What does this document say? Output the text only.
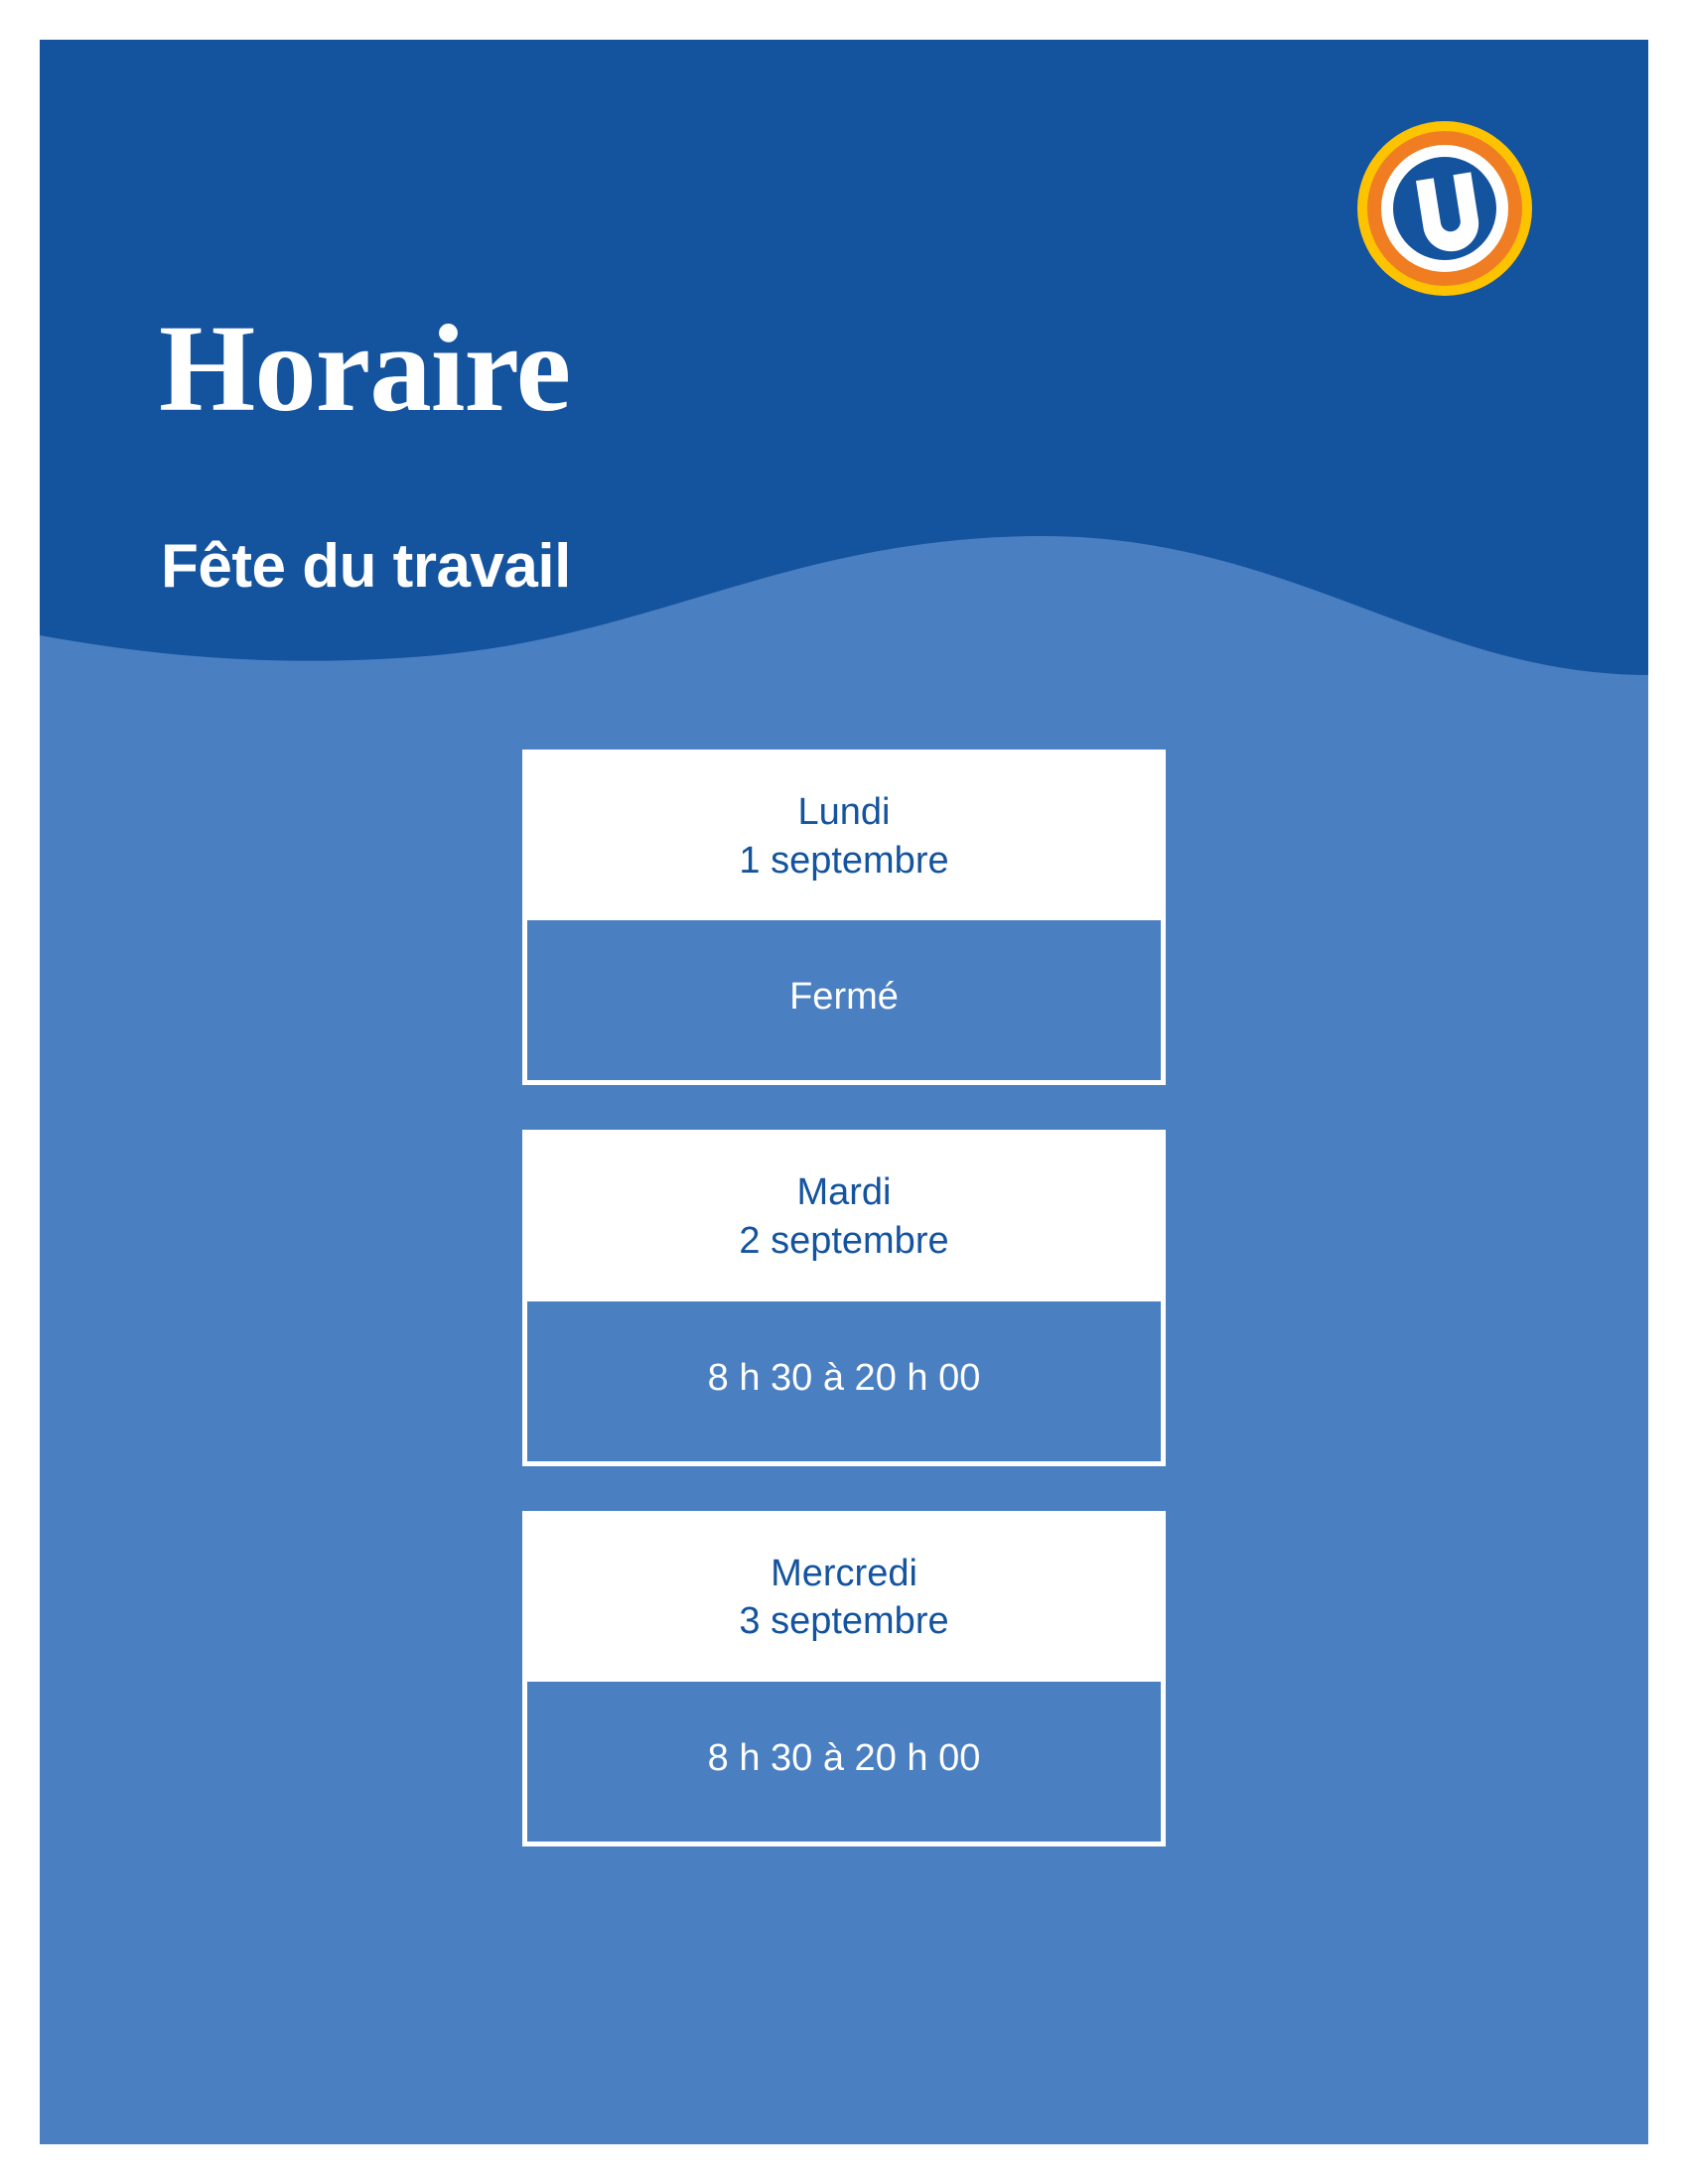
Horaire
Fête du travail
Lundi
1 septembre
Fermé
Mardi
2 septembre
8 h 30 à 20 h 00
Mercredi
3 septembre
8 h 30 à 20 h 00
